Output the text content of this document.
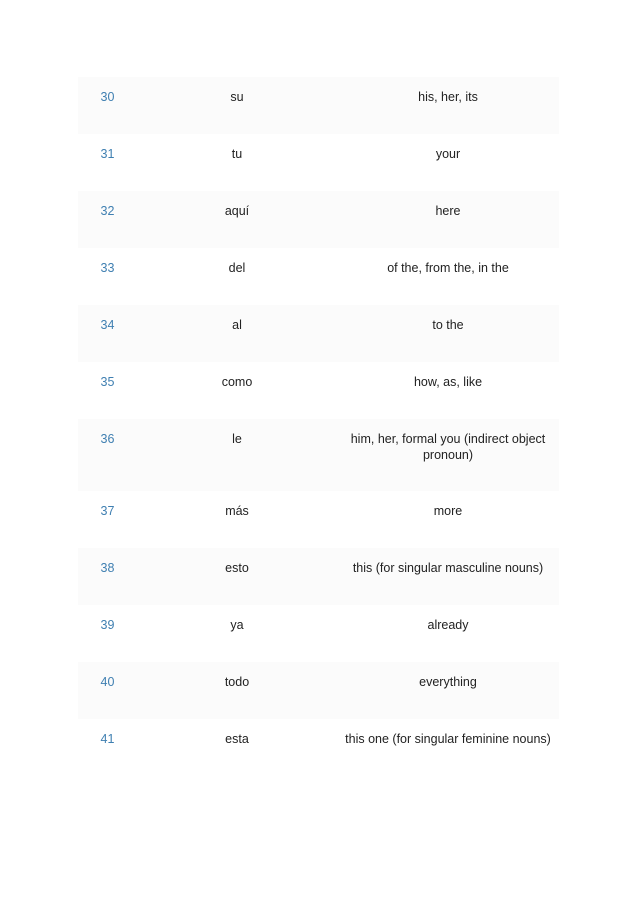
30	su	his, her, its
31	tu	your
32	aquí	here
33	del	of the, from the, in the
34	al	to the
35	como	how, as, like
36	le	him, her, formal you (indirect object pronoun)
37	más	more
38	esto	this (for singular masculine nouns)
39	ya	already
40	todo	everything
41	esta	this one (for singular feminine nouns)
